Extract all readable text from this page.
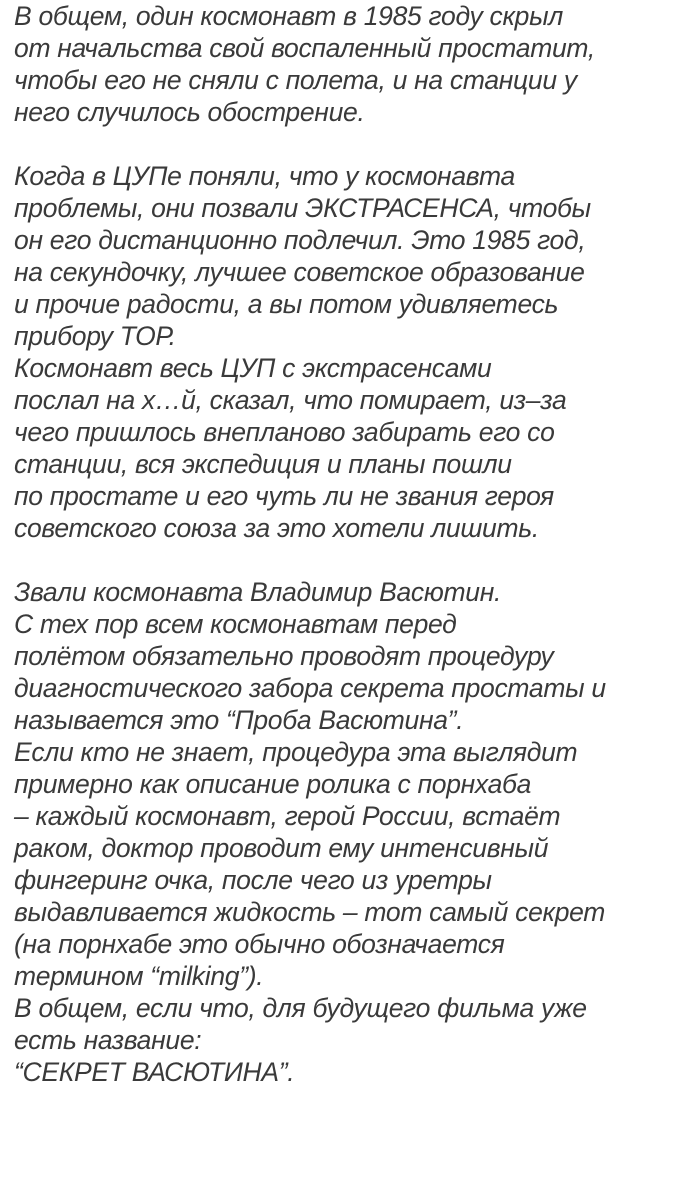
В общем, один космонавт в 1985 году скрыл
от начальства свой воспаленный простатит,
чтобы его не сняли с полета, и на станции у
него случилось обострение.
Когда в ЦУПе поняли, что у космонавта
проблемы, они позвали ЭКСТРАСЕНСА, чтобы
он его дистанционно подлечил. Это 1985 год,
на секундочку, лучшее советское образование
и прочие радости, а вы потом удивляетесь
прибору ТОР.
Космонавт весь ЦУП с экстрасенсами
послал на х…й, сказал, что помирает, из–за
чего пришлось внепланово забирать его со
станции, вся экспедиция и планы пошли
по простате и его чуть ли не звания героя
советского союза за это хотели лишить.
Звали космонавта Владимир Васютин.
С тех пор всем космонавтам перед
полётом обязательно проводят процедуру
диагностического забора секрета простаты и
называется это “Проба Васютина”.
Если кто не знает, процедура эта выглядит
примерно как описание ролика с порнхаба
– каждый космонавт, герой России, встаёт
раком, доктор проводит ему интенсивный
фингеринг очка, после чего из уретры
выдавливается жидкость – тот самый секрет
(на порнхабе это обычно обозначается
термином “milking”).
В общем, если что, для будущего фильма уже
есть название:
“СЕКРЕТ ВАСЮТИНА”.
